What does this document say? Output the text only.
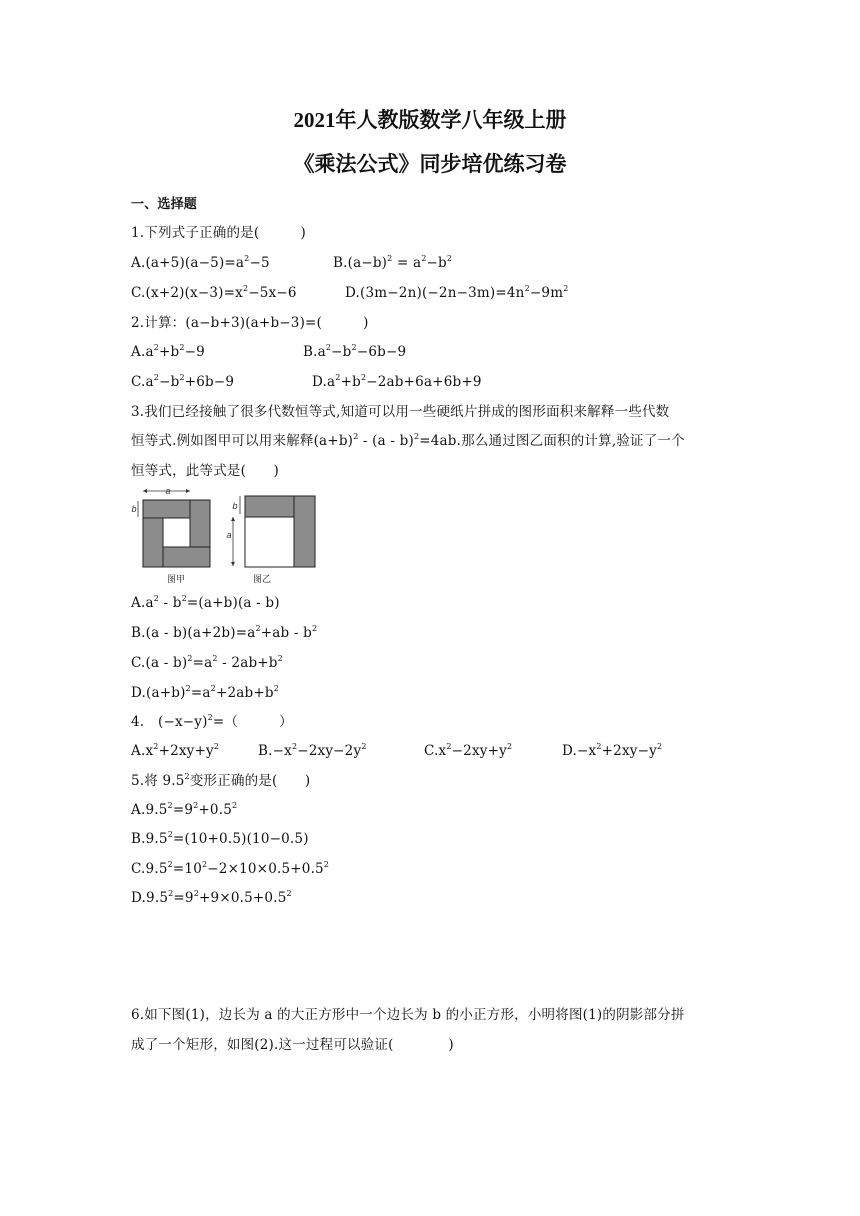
2021年人教版数学八年级上册
《乘法公式》同步培优练习卷
一、选择题
1.下列式子正确的是(　　　)
$A.(a+5)(a-5)=a^2-5$	$B.(a-b)^2 = a^2-b^2$
$C.(x+2)(x-3)=x^2-5x-6$	$D.(3m-2n)(-2n-3m)=4n^2-9m^2$
2.计算：(a−b+3)(a+b−3)=(　　　)
$A.a^2+b^2-9$	$B.a^2-b^2-6b-9$
$C.a^2-b^2+6b-9$	$D.a^2+b^2-2ab+6a+6b+9$
3.我们已经接触了很多代数恒等式,知道可以用一些硬纸片拼成的图形面积来解释一些代数
恒等式.例如图甲可以用来解释$(a+b)^2 - (a - b)^2=4ab$.那么通过图乙面积的计算,验证了一个
恒等式，此等式是(　　)
a
b
图甲
b
a
图乙
$A.a^2 - b^2=(a+b)(a - b)$
$B.(a - b)(a+2b)=a^2+ab - b^2$
$C.(a - b)^2=a^2 - 2ab+b^2$
$D.(a+b)^2=a^2+2ab+b^2$
4.　$(-x-y)^2=$（　　　）
$A.x^2+2xy+y^2$	$B.-x^2-2xy-2y^2$	$C.x^2-2xy+y^2$	$D.-x^2+2xy-y^2$
5.将 $9.5^2$变形正确的是(　　)
$A.9.5^2=9^2+0.5^2$
$B.9.5^2=(10+0.5)(10-0.5)$
$C.9.5^2=10^2-2\times 10\times 0.5+0.5^2$
$D.9.5^2=9^2+9\times 0.5+0.5^2$
6.如下图(1)，边长为 a 的大正方形中一个边长为 b 的小正方形，小明将图(1)的阴影部分拼
成了一个矩形，如图(2).这一过程可以验证(　　　　)
